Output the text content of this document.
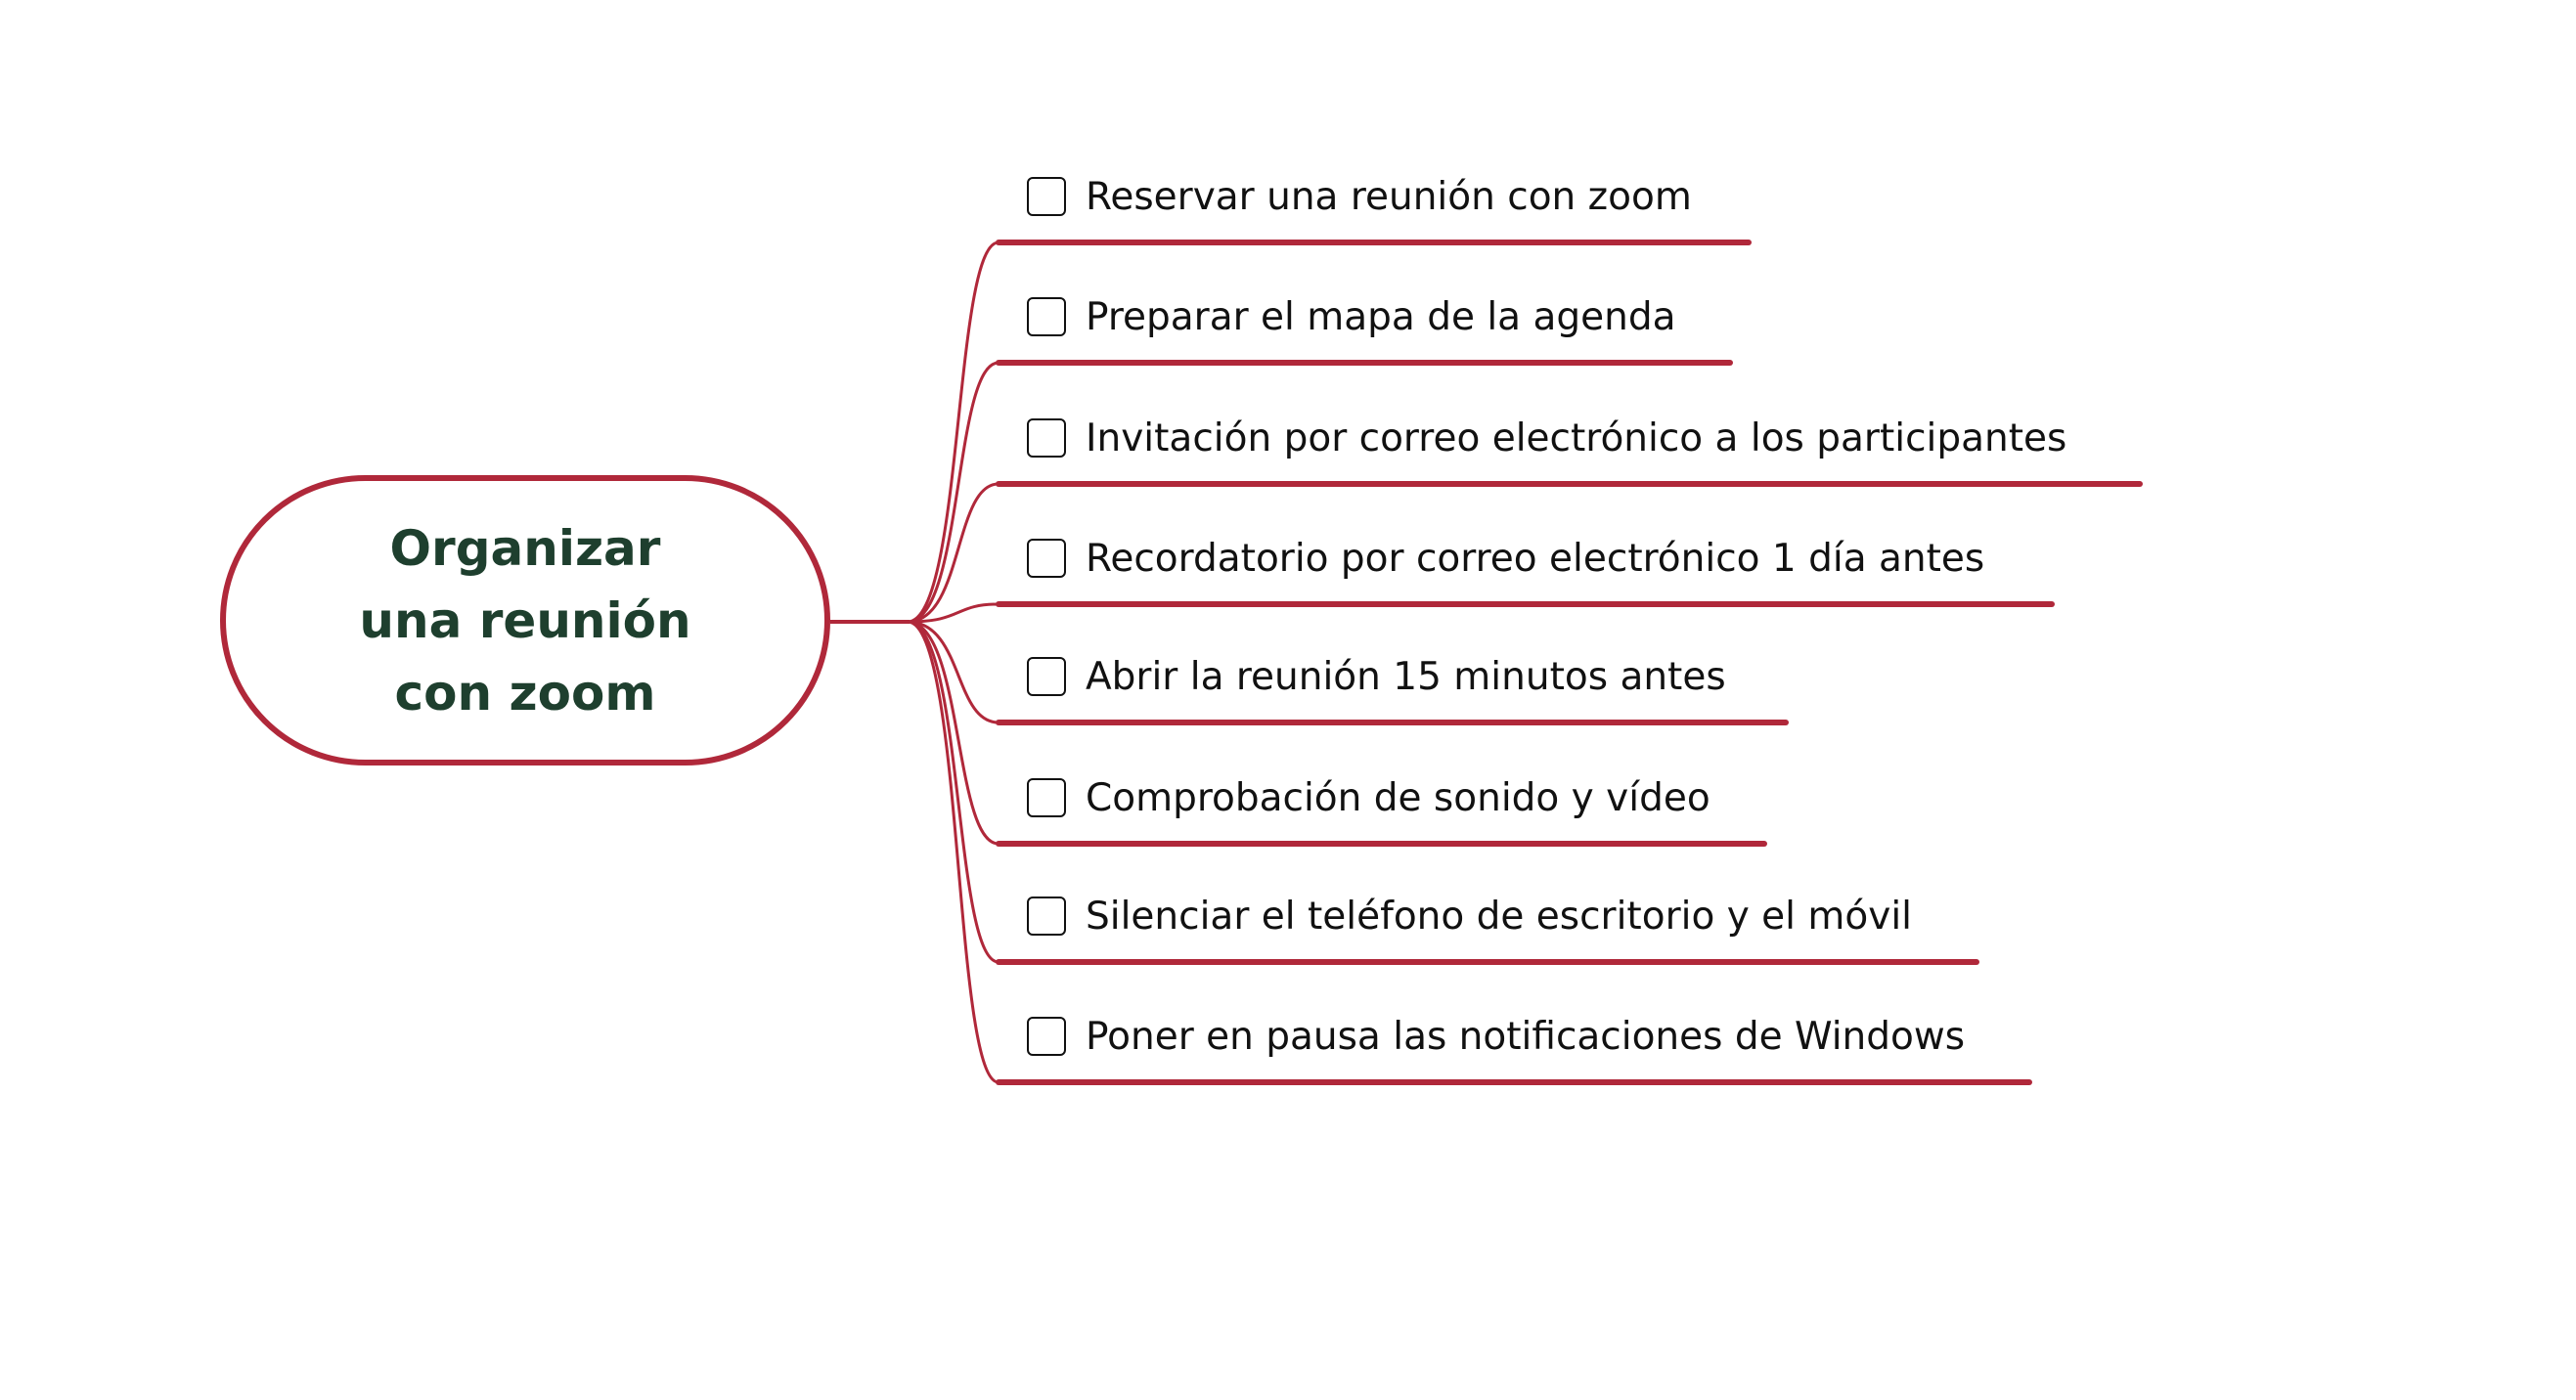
Organizar
una reunión
con zoom
Reservar una reunión con zoom
Preparar el mapa de la agenda
Invitación por correo electrónico a los participantes
Recordatorio por correo electrónico 1 día antes
Abrir la reunión 15 minutos antes
Comprobación de sonido y vídeo
Silenciar el teléfono de escritorio y el móvil
Poner en pausa las notificaciones de Windows
